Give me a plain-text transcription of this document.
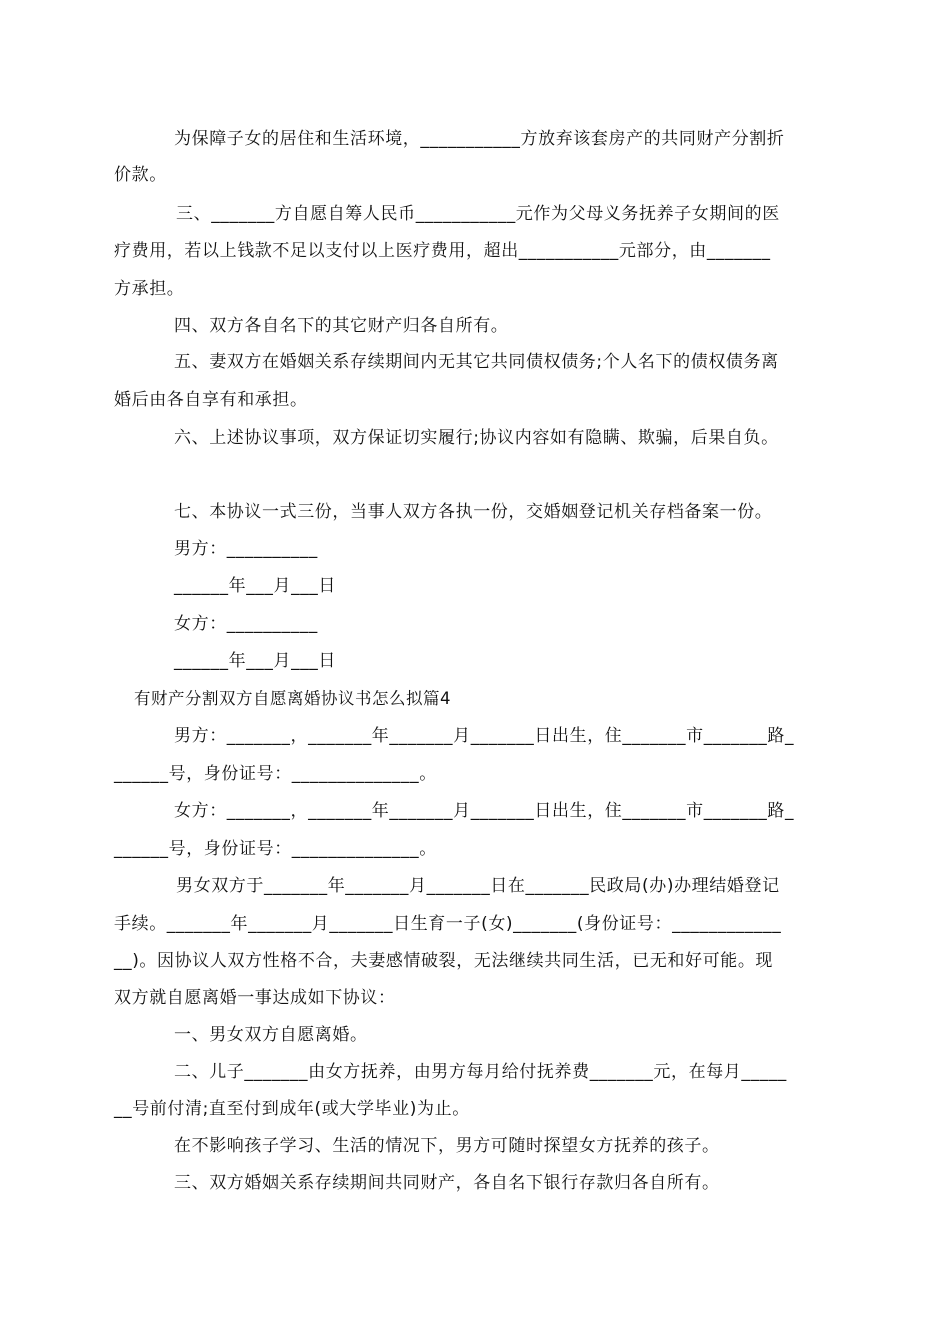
为保障子女的居住和生活环境，___________方放弃该套房产的共同财产分割折
价款。
三、_______方自愿自筹人民币___________元作为父母义务抚养子女期间的医
疗费用，若以上钱款不足以支付以上医疗费用，超出___________元部分，由_______
方承担。
四、双方各自名下的其它财产归各自所有。
五、妻双方在婚姻关系存续期间内无其它共同债权债务;个人名下的债权债务离
婚后由各自享有和承担。
六、上述协议事项，双方保证切实履行;协议内容如有隐瞒、欺骗，后果自负。
七、本协议一式三份，当事人双方各执一份，交婚姻登记机关存档备案一份。
男方：__________
______年___月___日
女方：__________
______年___月___日
有财产分割双方自愿离婚协议书怎么拟篇4
男方：_______，_______年_______月_______日出生，住_______市_______路_
______号，身份证号：______________。
女方：_______，_______年_______月_______日出生，住_______市_______路_
______号，身份证号：______________。
男女双方于_______年_______月_______日在_______民政局(办)办理结婚登记
手续。_______年_______月_______日生育一子(女)_______(身份证号：____________
__)。因协议人双方性格不合，夫妻感情破裂，无法继续共同生活，已无和好可能。现
双方就自愿离婚一事达成如下协议：
一、男女双方自愿离婚。
二、儿子_______由女方抚养，由男方每月给付抚养费_______元，在每月_____
__号前付清;直至付到成年(或大学毕业)为止。
在不影响孩子学习、生活的情况下，男方可随时探望女方抚养的孩子。
三、双方婚姻关系存续期间共同财产，各自名下银行存款归各自所有。
